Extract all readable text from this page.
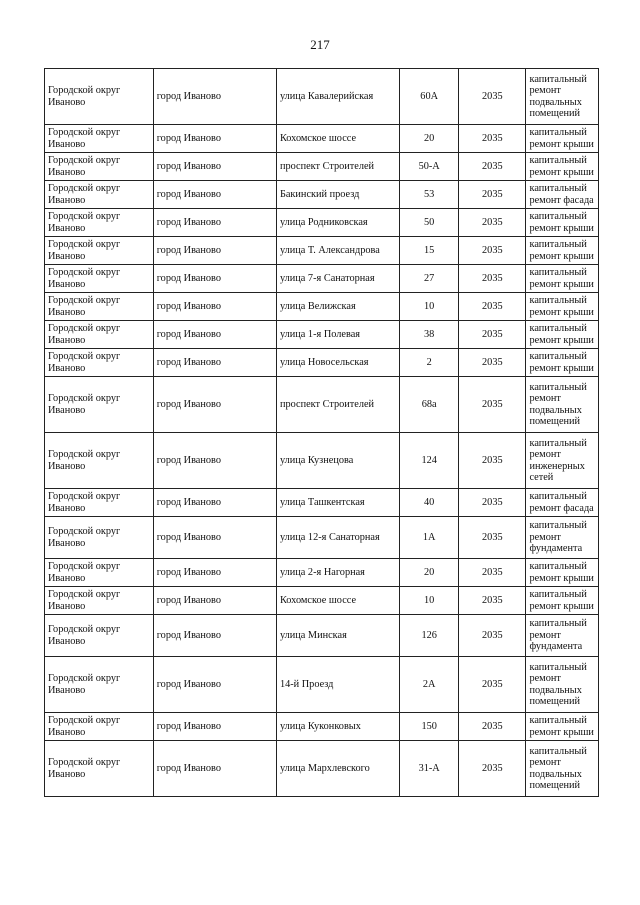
217
Городской округ Иваново	город Иваново	улица Кавалерийская	60А	2035	капитальный ремонт подвальных помещений
Городской округ Иваново	город Иваново	Кохомское шоссе	20	2035	капитальный ремонт крыши
Городской округ Иваново	город Иваново	проспект Строителей	50-А	2035	капитальный ремонт крыши
Городской округ Иваново	город Иваново	Бакинский проезд	53	2035	капитальный ремонт фасада
Городской округ Иваново	город Иваново	улица Родниковская	50	2035	капитальный ремонт крыши
Городской округ Иваново	город Иваново	улица Т. Александрова	15	2035	капитальный ремонт крыши
Городской округ Иваново	город Иваново	улица 7-я Санаторная	27	2035	капитальный ремонт крыши
Городской округ Иваново	город Иваново	улица Велижская	10	2035	капитальный ремонт крыши
Городской округ Иваново	город Иваново	улица 1-я Полевая	38	2035	капитальный ремонт крыши
Городской округ Иваново	город Иваново	улица Новосельская	2	2035	капитальный ремонт крыши
Городской округ Иваново	город Иваново	проспект Строителей	68а	2035	капитальный ремонт подвальных помещений
Городской округ Иваново	город Иваново	улица Кузнецова	124	2035	капитальный ремонт инженерных сетей
Городской округ Иваново	город Иваново	улица Ташкентская	40	2035	капитальный ремонт фасада
Городской округ Иваново	город Иваново	улица 12-я Санаторная	1А	2035	капитальный ремонт фундамента
Городской округ Иваново	город Иваново	улица 2-я Нагорная	20	2035	капитальный ремонт крыши
Городской округ Иваново	город Иваново	Кохомское шоссе	10	2035	капитальный ремонт крыши
Городской округ Иваново	город Иваново	улица Минская	126	2035	капитальный ремонт фундамента
Городской округ Иваново	город Иваново	14-й Проезд	2А	2035	капитальный ремонт подвальных помещений
Городской округ Иваново	город Иваново	улица Куконковых	150	2035	капитальный ремонт крыши
Городской округ Иваново	город Иваново	улица Мархлевского	31-А	2035	капитальный ремонт подвальных помещений
